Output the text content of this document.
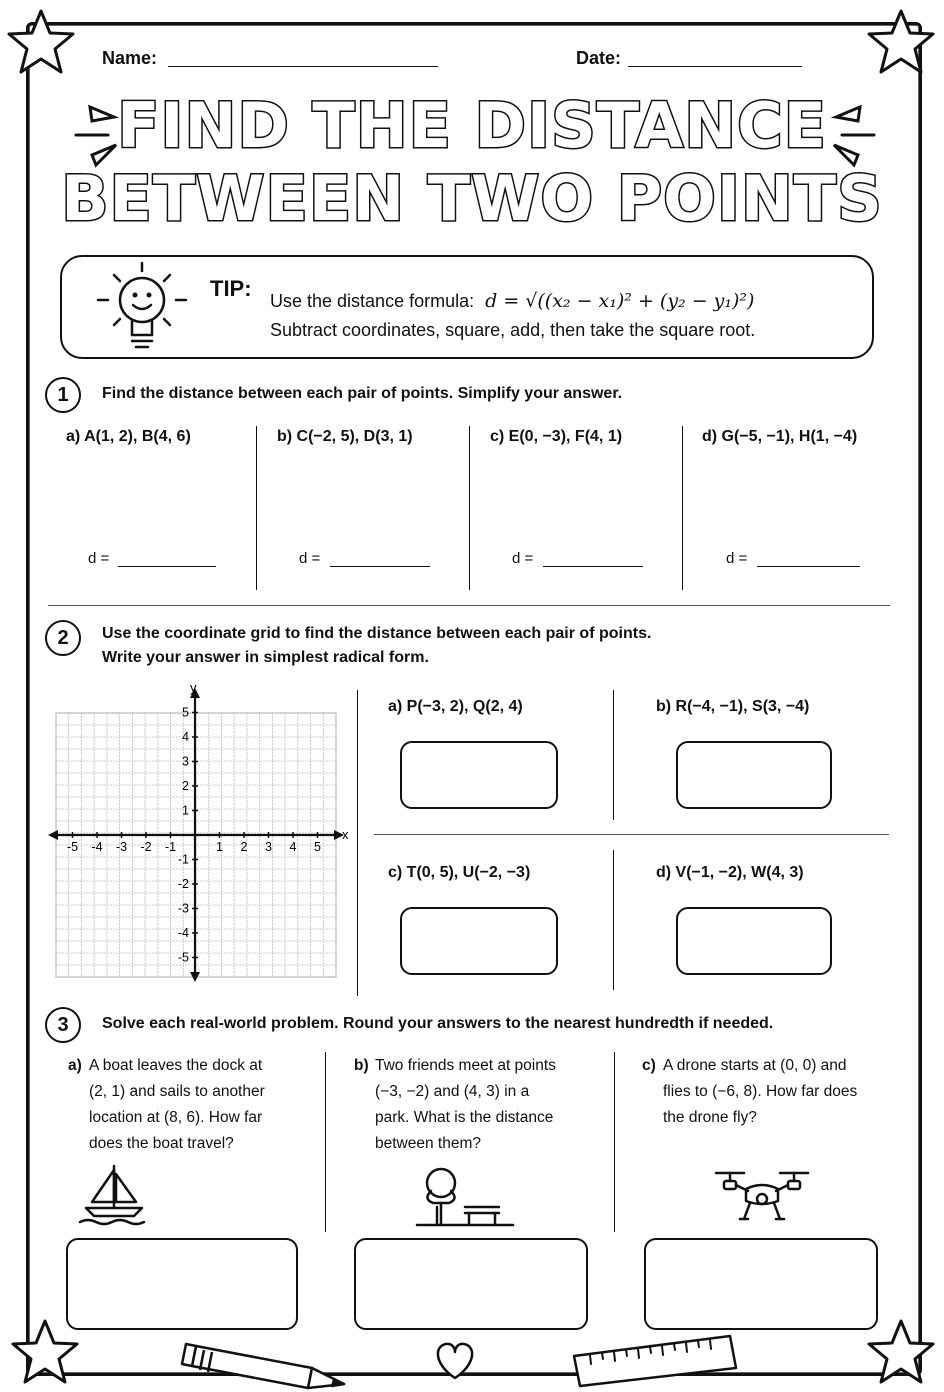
Name:	Date:
FIND THE DISTANCE
BETWEEN TWO POINTS
TIP: Use the distance formula: d = √((x₂ − x₁)² + (y₂ − y₁)²)
Subtract coordinates, square, add, then take the square root.
1	Find the distance between each pair of points. Simplify your answer.
a) A(1, 2), B(4, 6)	b) C(−2, 5), D(3, 1)	c) E(0, −3), F(4, 1)	d) G(−5, −1), H(1, −4)
d =	d =	d =	d =
2	Use the coordinate grid to find the distance between each pair of points.
Write your answer in simplest radical form.
x
y
-5 -4 -3 -2 -1	1 2 3 4 5
5
4
3
2
1
-1
-2
-3
-4
-5
a) P(−3, 2), Q(2, 4)	b) R(−4, −1), S(3, −4)
c) T(0, 5), U(−2, −3)	d) V(−1, −2), W(4, 3)
3	Solve each real-world problem. Round your answers to the nearest hundredth if needed.
a) A boat leaves the dock at
(2, 1) and sails to another
location at (8, 6). How far
does the boat travel?
b) Two friends meet at points
(−3, −2) and (4, 3) in a
park. What is the distance
between them?
c) A drone starts at (0, 0) and
flies to (−6, 8). How far does
the drone fly?
